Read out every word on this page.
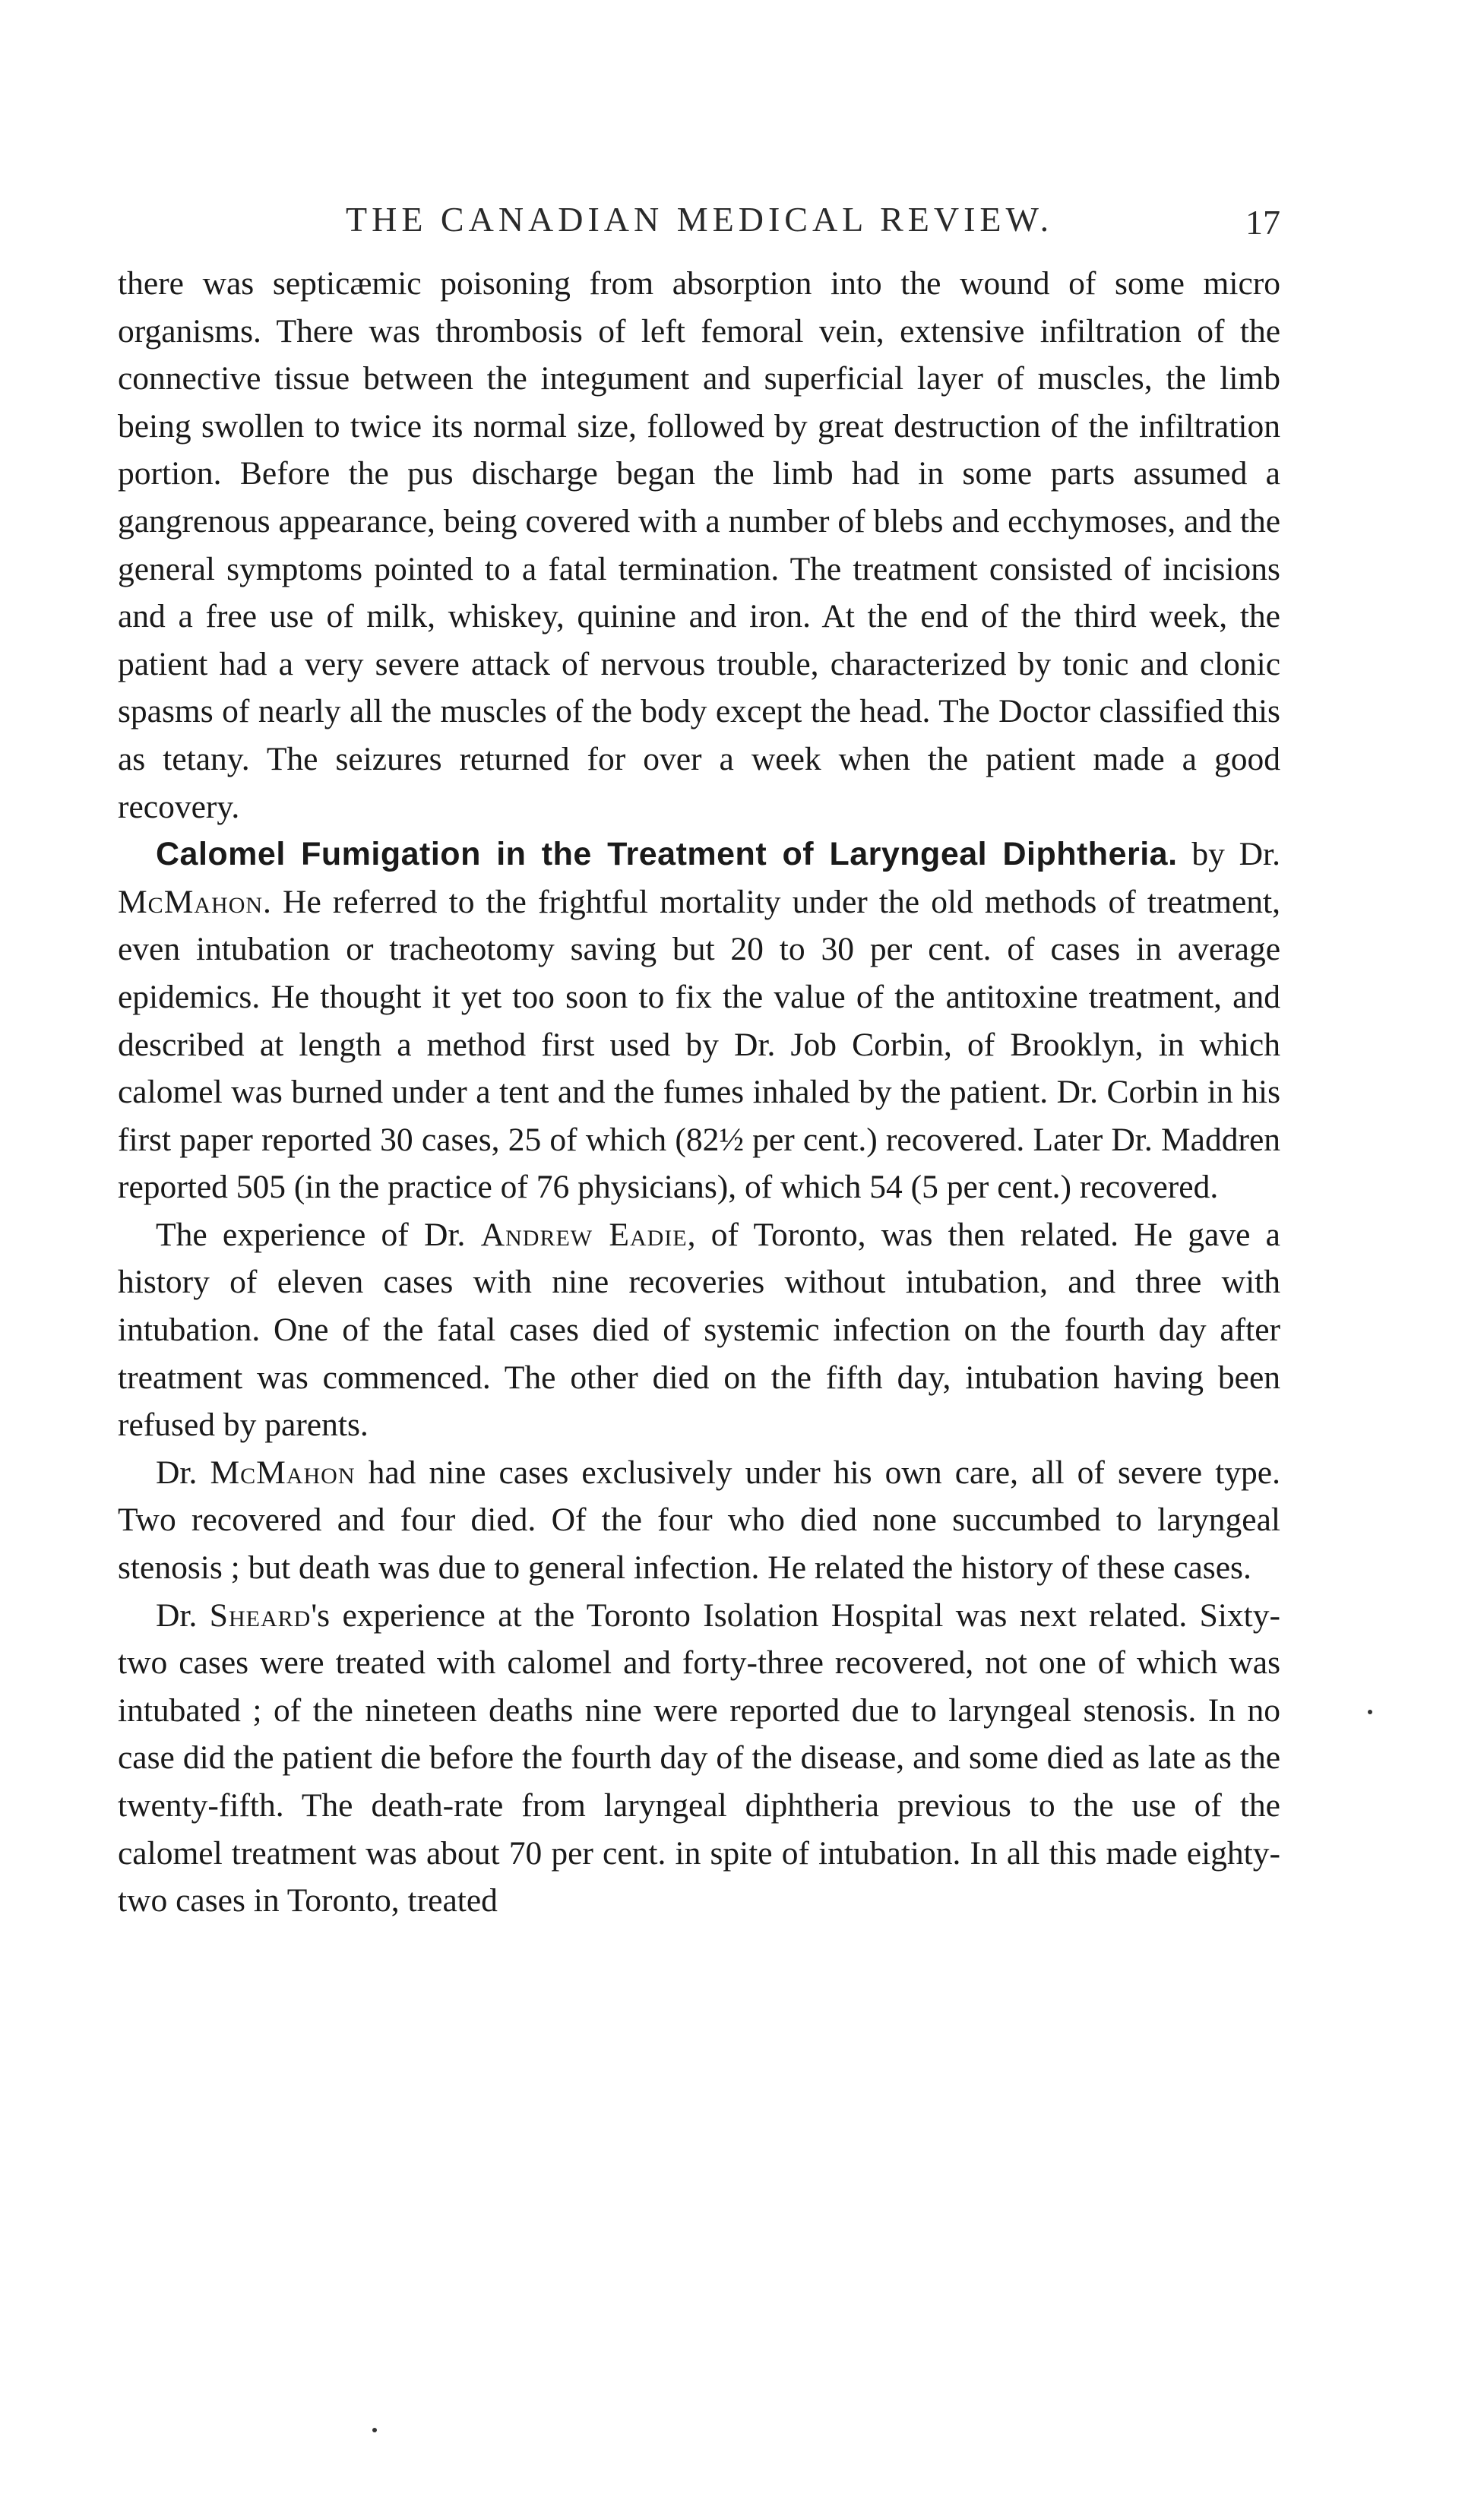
THE CANADIAN MEDICAL REVIEW.	17

there was septicæmic poisoning from absorption into the wound of some micro organisms. There was thrombosis of left femoral vein, extensive infiltration of the connective tissue between the integument and superficial layer of muscles, the limb being swollen to twice its normal size, followed by great destruction of the infiltration portion. Before the pus discharge began the limb had in some parts assumed a gangrenous appearance, being covered with a number of blebs and ecchymoses, and the general symptoms pointed to a fatal termination. The treatment consisted of incisions and a free use of milk, whiskey, quinine and iron. At the end of the third week, the patient had a very severe attack of nervous trouble, characterized by tonic and clonic spasms of nearly all the muscles of the body except the head. The Doctor classified this as tetany. The seizures returned for over a week when the patient made a good recovery.

Calomel Fumigation in the Treatment of Laryngeal Diphtheria. by Dr. McMahon. He referred to the frightful mortality under the old methods of treatment, even intubation or tracheotomy saving but 20 to 30 per cent. of cases in average epidemics. He thought it yet too soon to fix the value of the antitoxine treatment, and described at length a method first used by Dr. Job Corbin, of Brooklyn, in which calomel was burned under a tent and the fumes inhaled by the patient. Dr. Corbin in his first paper reported 30 cases, 25 of which (82½ per cent.) recovered. Later Dr. Maddren reported 505 (in the practice of 76 physicians), of which 54 (5 per cent.) recovered.

The experience of Dr. Andrew Eadie, of Toronto, was then related. He gave a history of eleven cases with nine recoveries without intubation, and three with intubation. One of the fatal cases died of systemic infection on the fourth day after treatment was commenced. The other died on the fifth day, intubation having been refused by parents.

Dr. McMahon had nine cases exclusively under his own care, all of severe type. Two recovered and four died. Of the four who died none succumbed to laryngeal stenosis ; but death was due to general infection. He related the history of these cases.

Dr. Sheard's experience at the Toronto Isolation Hospital was next related. Sixty-two cases were treated with calomel and forty-three recovered, not one of which was intubated ; of the nineteen deaths nine were reported due to laryngeal stenosis. In no case did the patient die before the fourth day of the disease, and some died as late as the twenty-fifth. The death-rate from laryngeal diphtheria previous to the use of the calomel treatment was about 70 per cent. in spite of intubation. In all this made eighty-two cases in Toronto, treated
